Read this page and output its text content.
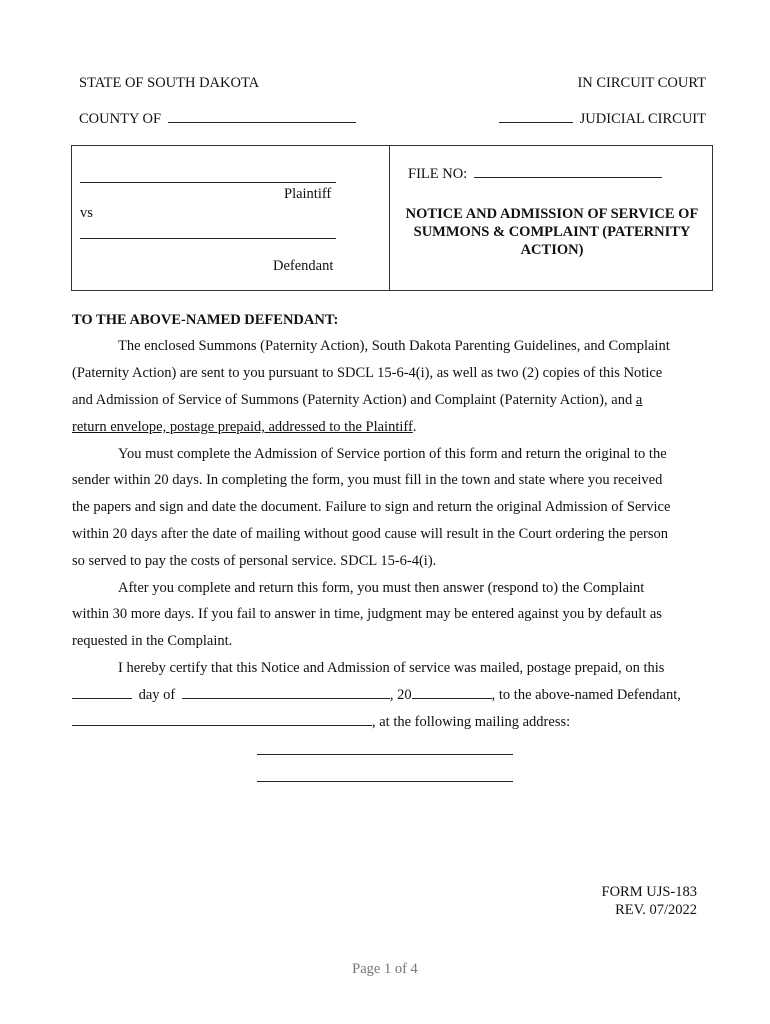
STATE OF SOUTH DAKOTA	IN CIRCUIT COURT
COUNTY OF	JUDICIAL CIRCUIT
Plaintiff
vs
Defendant
FILE NO:
NOTICE AND ADMISSION OF SERVICE OF SUMMONS & COMPLAINT (PATERNITY ACTION)
TO THE ABOVE-NAMED DEFENDANT:
The enclosed Summons (Paternity Action), South Dakota Parenting Guidelines, and Complaint
(Paternity Action) are sent to you pursuant to SDCL 15-6-4(i), as well as two (2) copies of this Notice
and Admission of Service of Summons (Paternity Action) and Complaint (Paternity Action), and a
return envelope, postage prepaid, addressed to the Plaintiff.
You must complete the Admission of Service portion of this form and return the original to the
sender within 20 days. In completing the form, you must fill in the town and state where you received
the papers and sign and date the document. Failure to sign and return the original Admission of Service
within 20 days after the date of mailing without good cause will result in the Court ordering the person
so served to pay the costs of personal service. SDCL 15-6-4(i).
After you complete and return this form, you must then answer (respond to) the Complaint
within 30 more days. If you fail to answer in time, judgment may be entered against you by default as
requested in the Complaint.
I hereby certify that this Notice and Admission of service was mailed, postage prepaid, on this
day of	, 20	, to the above-named Defendant,
, at the following mailing address:
FORM UJS-183
REV. 07/2022
Page 1 of 4
